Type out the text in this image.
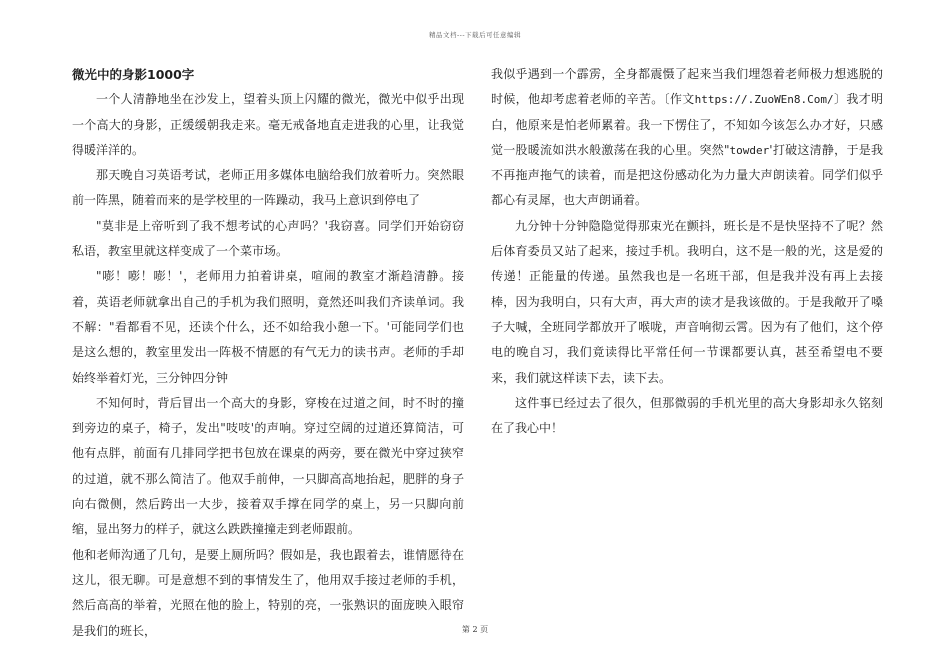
精品文档---下载后可任意编辑

微光中的身影1000字

一个人清静地坐在沙发上，望着头顶上闪耀的微光，微光中似乎出现一个高大的身影，正缓缓朝我走来。毫无戒备地直走进我的心里，让我觉得暖洋洋的。

那天晚自习英语考试，老师正用多媒体电脑给我们放着听力。突然眼前一阵黑，随着而来的是学校里的一阵躁动，我马上意识到停电了

"莫非是上帝听到了我不想考试的心声吗？'我窃喜。同学们开始窃窃私语，教室里就这样变成了一个菜市场。

"嘭！嘭！嘭！'，老师用力拍着讲桌，喧闹的教室才渐趋清静。接着，英语老师就拿出自己的手机为我们照明，竟然还叫我们齐读单词。我不解："看都看不见，还读个什么，还不如给我小憩一下。'可能同学们也是这么想的，教室里发出一阵极不情愿的有气无力的读书声。老师的手却始终举着灯光，三分钟四分钟

不知何时，背后冒出一个高大的身影，穿梭在过道之间，时不时的撞到旁边的桌子，椅子，发出"吱吱'的声响。穿过空阔的过道还算简洁，可他有点胖，前面有几排同学把书包放在课桌的两旁，要在微光中穿过狭窄的过道，就不那么简洁了。他双手前伸，一只脚高高地抬起，肥胖的身子向右微侧，然后跨出一大步，接着双手撑在同学的桌上，另一只脚向前缩，显出努力的样子，就这么跌跌撞撞走到老师跟前。

他和老师沟通了几句，是要上厕所吗？假如是，我也跟着去，谁情愿待在这儿，很无聊。可是意想不到的事情发生了，他用双手接过老师的手机，然后高高的举着，光照在他的脸上，特别的亮，一张熟识的面庞映入眼帘是我们的班长，

我似乎遇到一个霹雳，全身都震慑了起来当我们埋怨着老师极力想逃脱的时候，他却考虑着老师的辛苦。〔作文https://.ZuoWEn8.Com/〕我才明白，他原来是怕老师累着。我一下愣住了，不知如今该怎么办才好，只感觉一股暖流如洪水般激荡在我的心里。突然"towder'打破这清静，于是我不再拖声拖气的读着，而是把这份感动化为力量大声朗读着。同学们似乎都心有灵犀，也大声朗诵着。

九分钟十分钟隐隐觉得那束光在颤抖，班长是不是快坚持不了呢？然后体育委员又站了起来，接过手机。我明白，这不是一般的光，这是爱的传递！正能量的传递。虽然我也是一名班干部，但是我并没有再上去接棒，因为我明白，只有大声，再大声的读才是我该做的。于是我敞开了嗓子大喊，全班同学都放开了喉咙，声音响彻云霄。因为有了他们，这个停电的晚自习，我们竟读得比平常任何一节课都要认真，甚至希望电不要来，我们就这样读下去，读下去。

这件事已经过去了很久，但那微弱的手机光里的高大身影却永久铭刻在了我心中！

第 2 页
